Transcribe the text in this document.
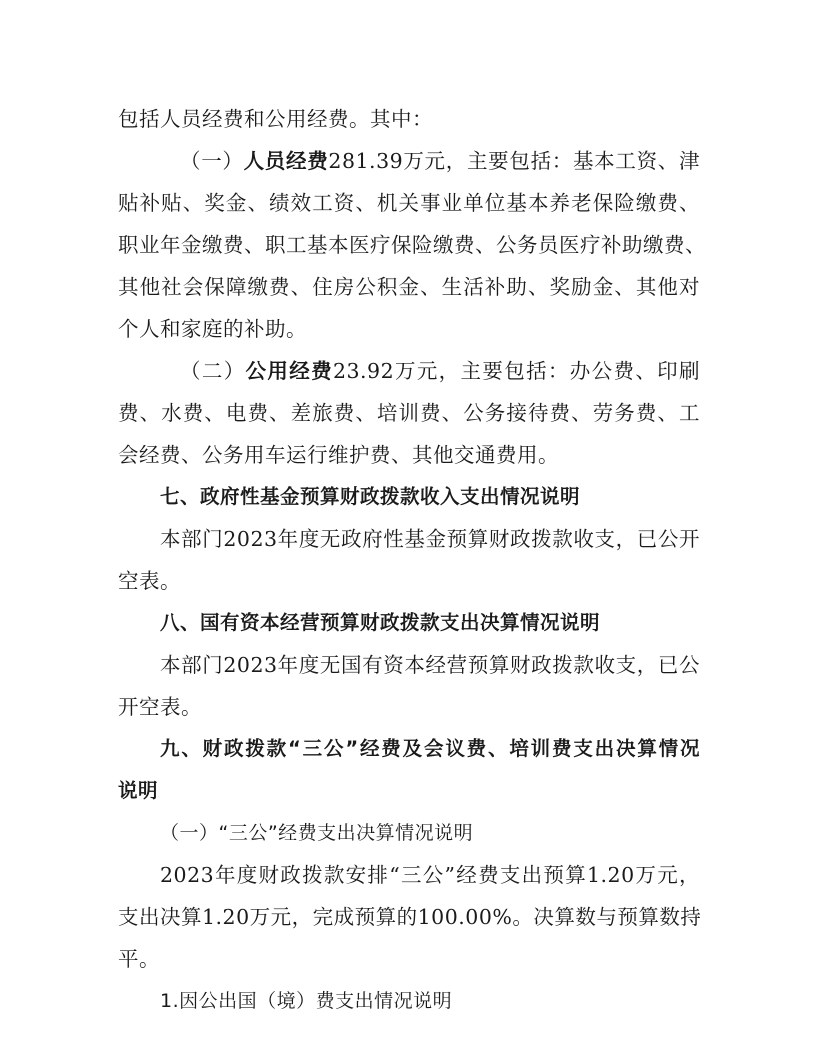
包括人员经费和公用经费。其中：
（一）人员经费281.39万元，主要包括：基本工资、津
贴补贴、奖金、绩效工资、机关事业单位基本养老保险缴费、
职业年金缴费、职工基本医疗保险缴费、公务员医疗补助缴费、
其他社会保障缴费、住房公积金、生活补助、奖励金、其他对
个人和家庭的补助。
（二）公用经费23.92万元，主要包括：办公费、印刷
费、水费、电费、差旅费、培训费、公务接待费、劳务费、工
会经费、公务用车运行维护费、其他交通费用。
七、政府性基金预算财政拨款收入支出情况说明
本部门2023年度无政府性基金预算财政拨款收支，已公开
空表。
八、国有资本经营预算财政拨款支出决算情况说明
本部门2023年度无国有资本经营预算财政拨款收支，已公
开空表。
九、财政拨款“三公”经费及会议费、培训费支出决算情况
说明
（一）“三公”经费支出决算情况说明
2023年度财政拨款安排“三公”经费支出预算1.20万元，
支出决算1.20万元，完成预算的100.00%。决算数与预算数持
平。
1.因公出国（境）费支出情况说明
